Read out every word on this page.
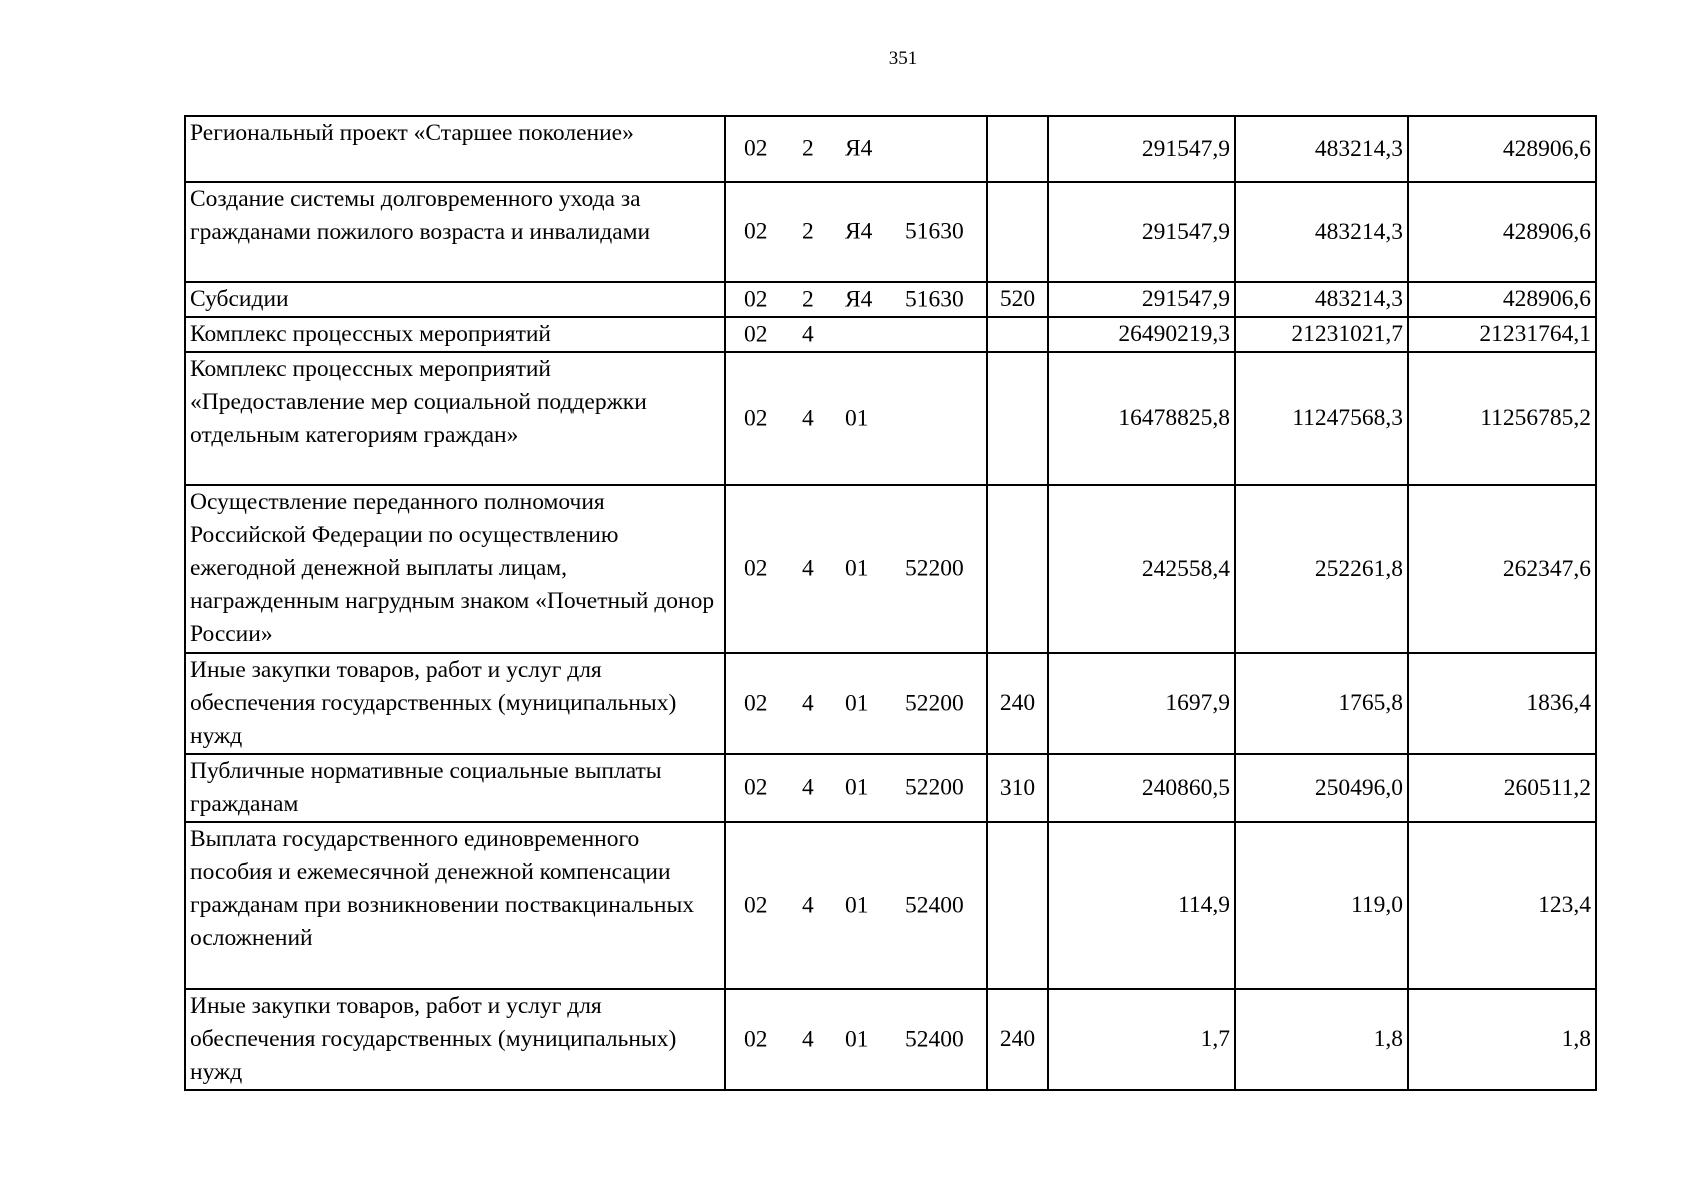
351
Региональный проект «Старшее поколение»	02 2 Я4		291547,9	483214,3	428906,6
Создание системы долговременного ухода за гражданами пожилого возраста и инвалидами	02 2 Я4 51630		291547,9	483214,3	428906,6
Субсидии	02 2 Я4 51630	520	291547,9	483214,3	428906,6
Комплекс процессных мероприятий	02 4		26490219,3	21231021,7	21231764,1
Комплекс процессных мероприятий «Предоставление мер социальной поддержки отдельным категориям граждан»	02 4 01		16478825,8	11247568,3	11256785,2
Осуществление переданного полномочия Российской Федерации по осуществлению ежегодной денежной выплаты лицам, награжденным нагрудным знаком «Почетный донор России»	02 4 01 52200		242558,4	252261,8	262347,6
Иные закупки товаров, работ и услуг для обеспечения государственных (муниципальных) нужд	02 4 01 52200	240	1697,9	1765,8	1836,4
Публичные нормативные социальные выплаты гражданам	02 4 01 52200	310	240860,5	250496,0	260511,2
Выплата государственного единовременного пособия и ежемесячной денежной компенсации гражданам при возникновении поствакцинальных осложнений	02 4 01 52400		114,9	119,0	123,4
Иные закупки товаров, работ и услуг для обеспечения государственных (муниципальных) нужд	02 4 01 52400	240	1,7	1,8	1,8
